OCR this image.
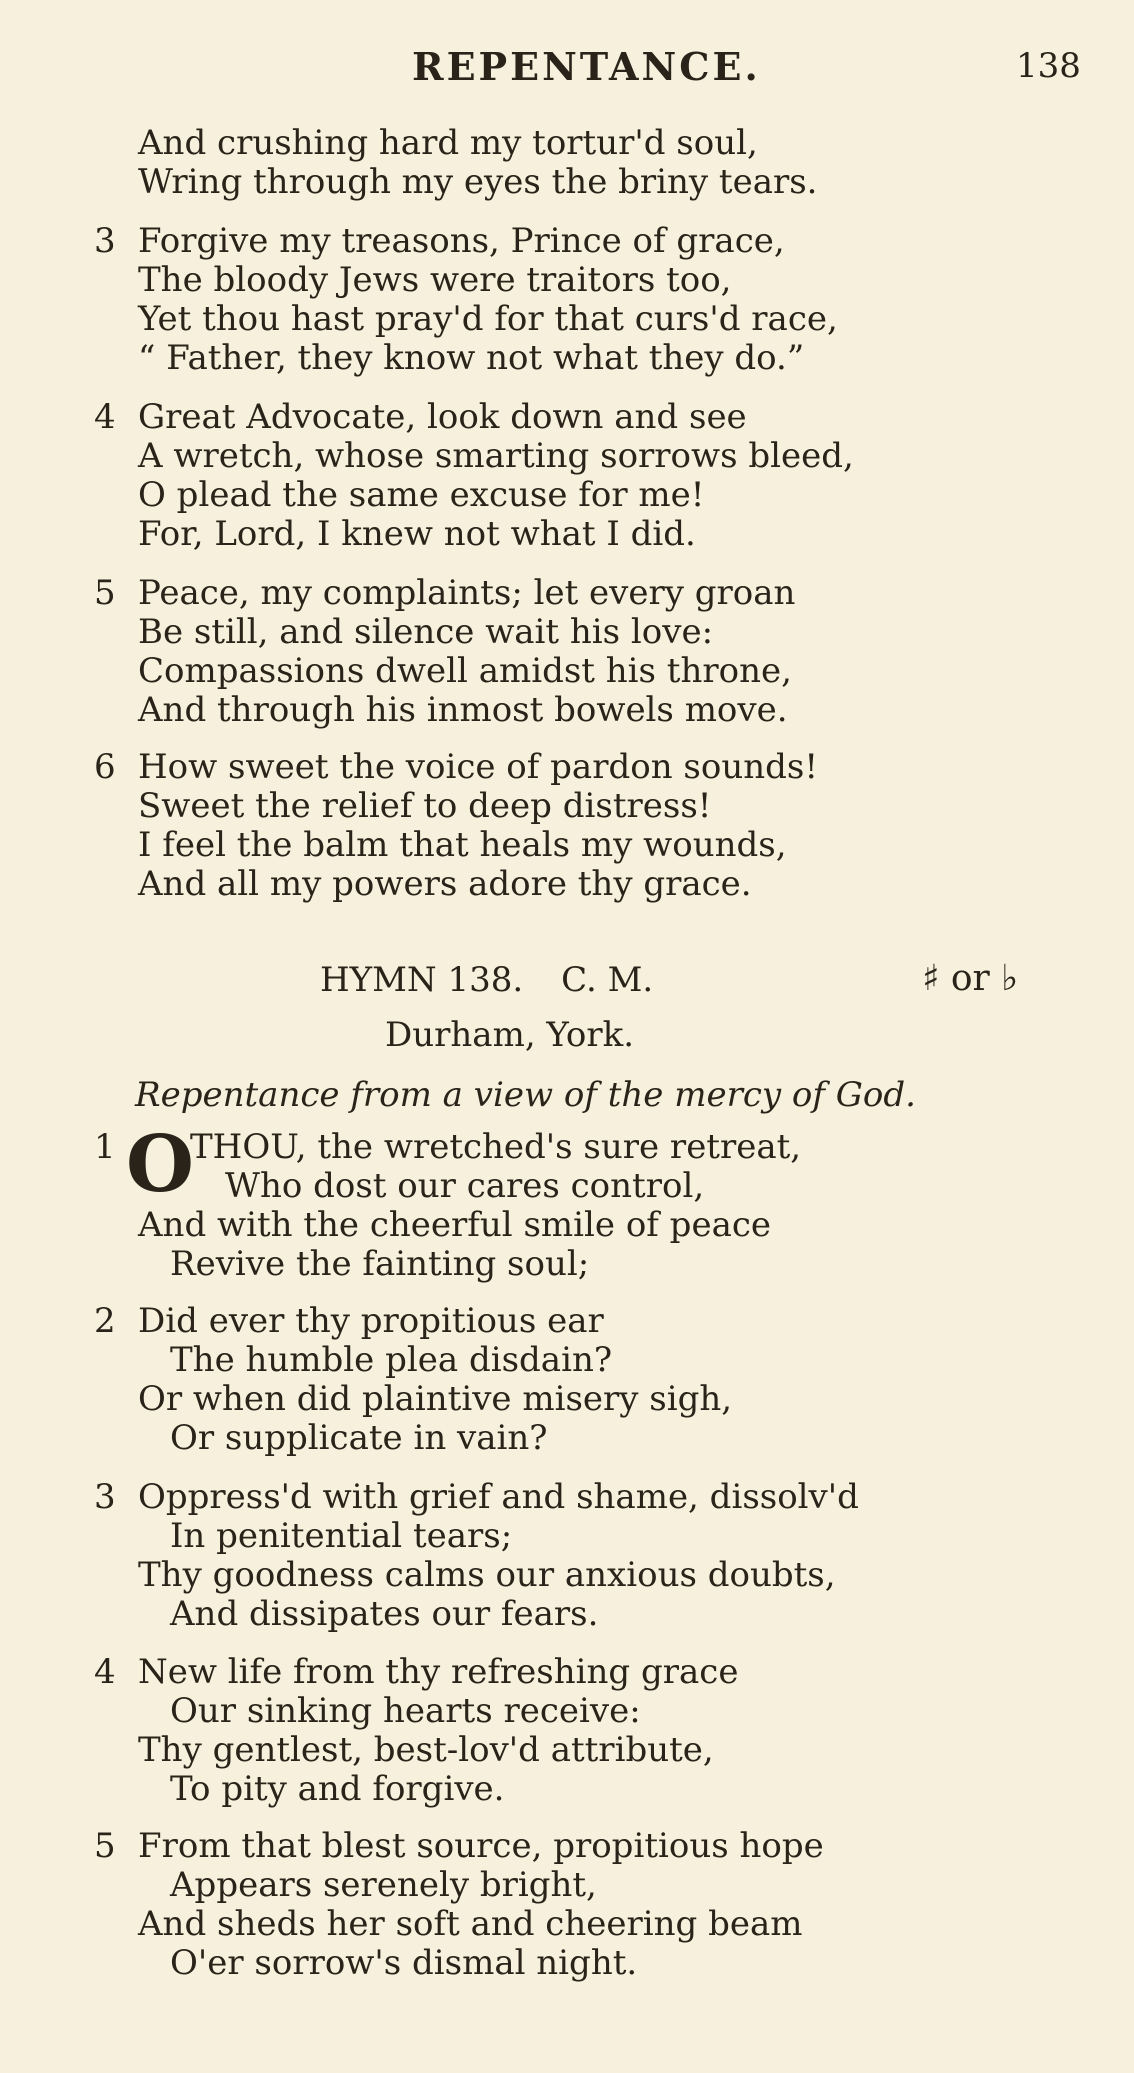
REPENTANCE.	138
And crushing hard my tortur'd soul,
Wring through my eyes the briny tears.
3 Forgive my treasons, Prince of grace,
The bloody Jews were traitors too,
Yet thou hast pray'd for that curs'd race,
“ Father, they know not what they do.”
4 Great Advocate, look down and see
A wretch, whose smarting sorrows bleed,
O plead the same excuse for me!
For, Lord, I knew not what I did.
5 Peace, my complaints; let every groan
Be still, and silence wait his love:
Compassions dwell amidst his throne,
And through his inmost bowels move.
6 How sweet the voice of pardon sounds!
Sweet the relief to deep distress!
I feel the balm that heals my wounds,
And all my powers adore thy grace.
HYMN 138. C. M.	♯ or ♭
Durham, York.
Repentance from a view of the mercy of God.
1	THOU, the wretched's sure retreat,
Who dost our cares control,
And with the cheerful smile of peace
Revive the fainting soul;
O
2 Did ever thy propitious ear
The humble plea disdain?
Or when did plaintive misery sigh,
Or supplicate in vain?
3 Oppress'd with grief and shame, dissolv'd
In penitential tears;
Thy goodness calms our anxious doubts,
And dissipates our fears.
4 New life from thy refreshing grace
Our sinking hearts receive:
Thy gentlest, best-lov'd attribute,
To pity and forgive.
5 From that blest source, propitious hope
Appears serenely bright,
And sheds her soft and cheering beam
O'er sorrow's dismal night.
